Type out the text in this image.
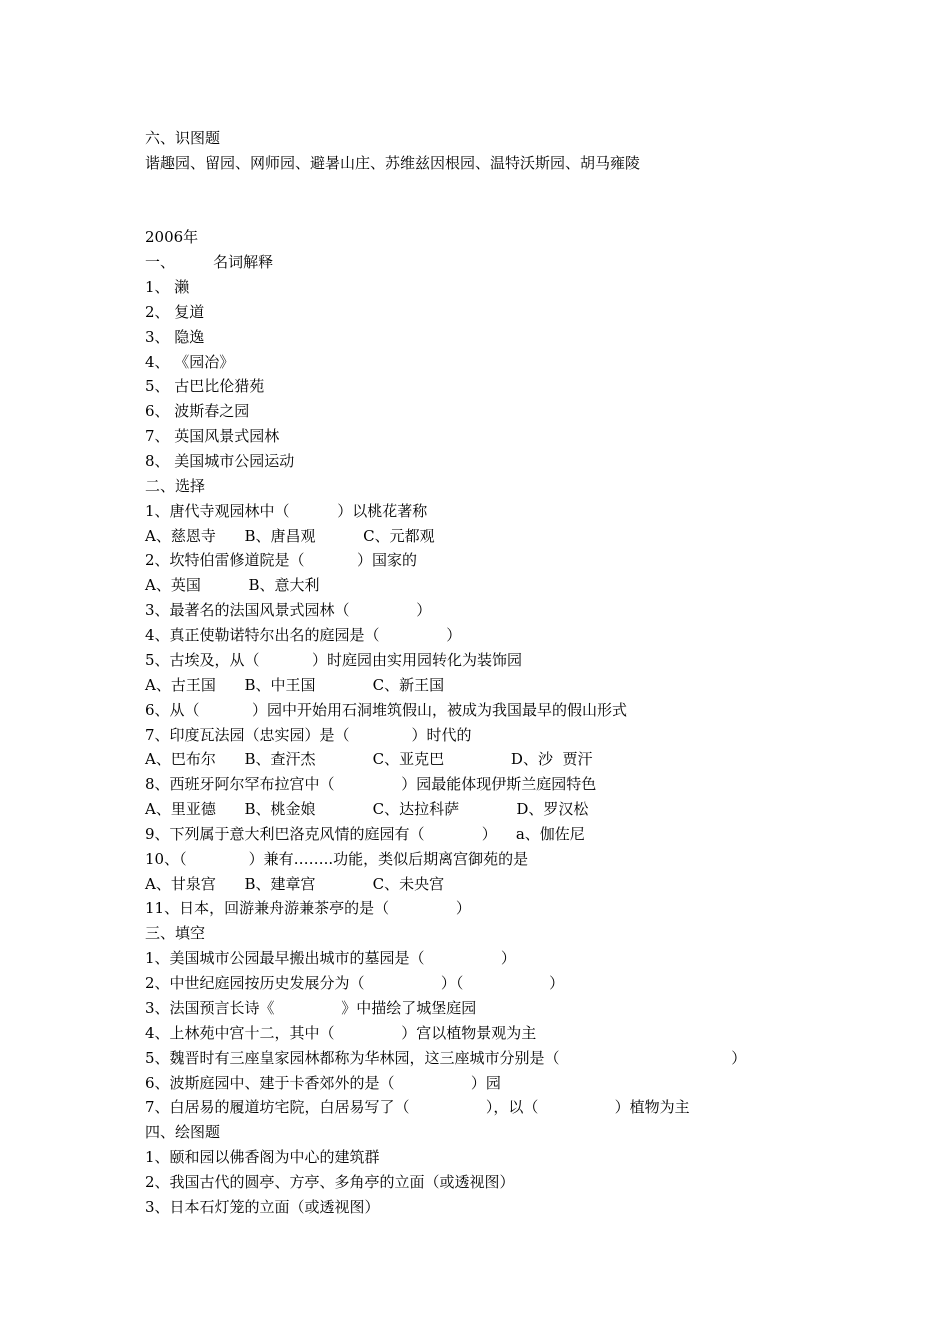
六、识图题
谐趣园、留园、网师园、避暑山庄、苏维兹因根园、温特沃斯园、胡马雍陵
2006年
一、        名词解释
1、 濑
2、 复道
3、 隐逸
4、 《园冶》
5、 古巴比伦猎苑
6、 波斯春之园
7、 英国风景式园林
8、 美国城市公园运动
二、选择
1、唐代寺观园林中（          ）以桃花著称
A、慈恩寺      B、唐昌观          C、元都观
2、坎特伯雷修道院是（           ）国家的
A、英国          B、意大利
3、最著名的法国风景式园林（              ）
4、真正使勒诺特尔出名的庭园是（              ）
5、古埃及，从（           ）时庭园由实用园转化为装饰园
A、古王国      B、中王国            C、新王国
6、从（           ）园中开始用石洞堆筑假山，被成为我国最早的假山形式
7、印度瓦法园（忠实园）是（             ）时代的
A、巴布尔      B、查汗杰            C、亚克巴              D、沙  贾汗
8、西班牙阿尔罕布拉宫中（              ）园最能体现伊斯兰庭园特色
A、里亚德      B、桃金娘            C、达拉科萨            D、罗汉松
9、下列属于意大利巴洛克风情的庭园有（            ）    a、伽佐尼
10、（             ）兼有……..功能，类似后期离宫御苑的是
A、甘泉宫      B、建章宫            C、未央宫
11、日本，回游兼舟游兼茶亭的是（              ）
三、填空
1、美国城市公园最早搬出城市的墓园是（                ）
2、中世纪庭园按历史发展分为（                ）（                  ）
3、法国预言长诗《              》中描绘了城堡庭园
4、上林苑中宫十二，其中（              ）宫以植物景观为主
5、魏晋时有三座皇家园林都称为华林园，这三座城市分别是（                                    ）
6、波斯庭园中、建于卡香郊外的是（                ）园
7、白居易的履道坊宅院，白居易写了（                ），以（                ）植物为主
四、绘图题
1、颐和园以佛香阁为中心的建筑群
2、我国古代的圆亭、方亭、多角亭的立面（或透视图）
3、日本石灯笼的立面（或透视图）
